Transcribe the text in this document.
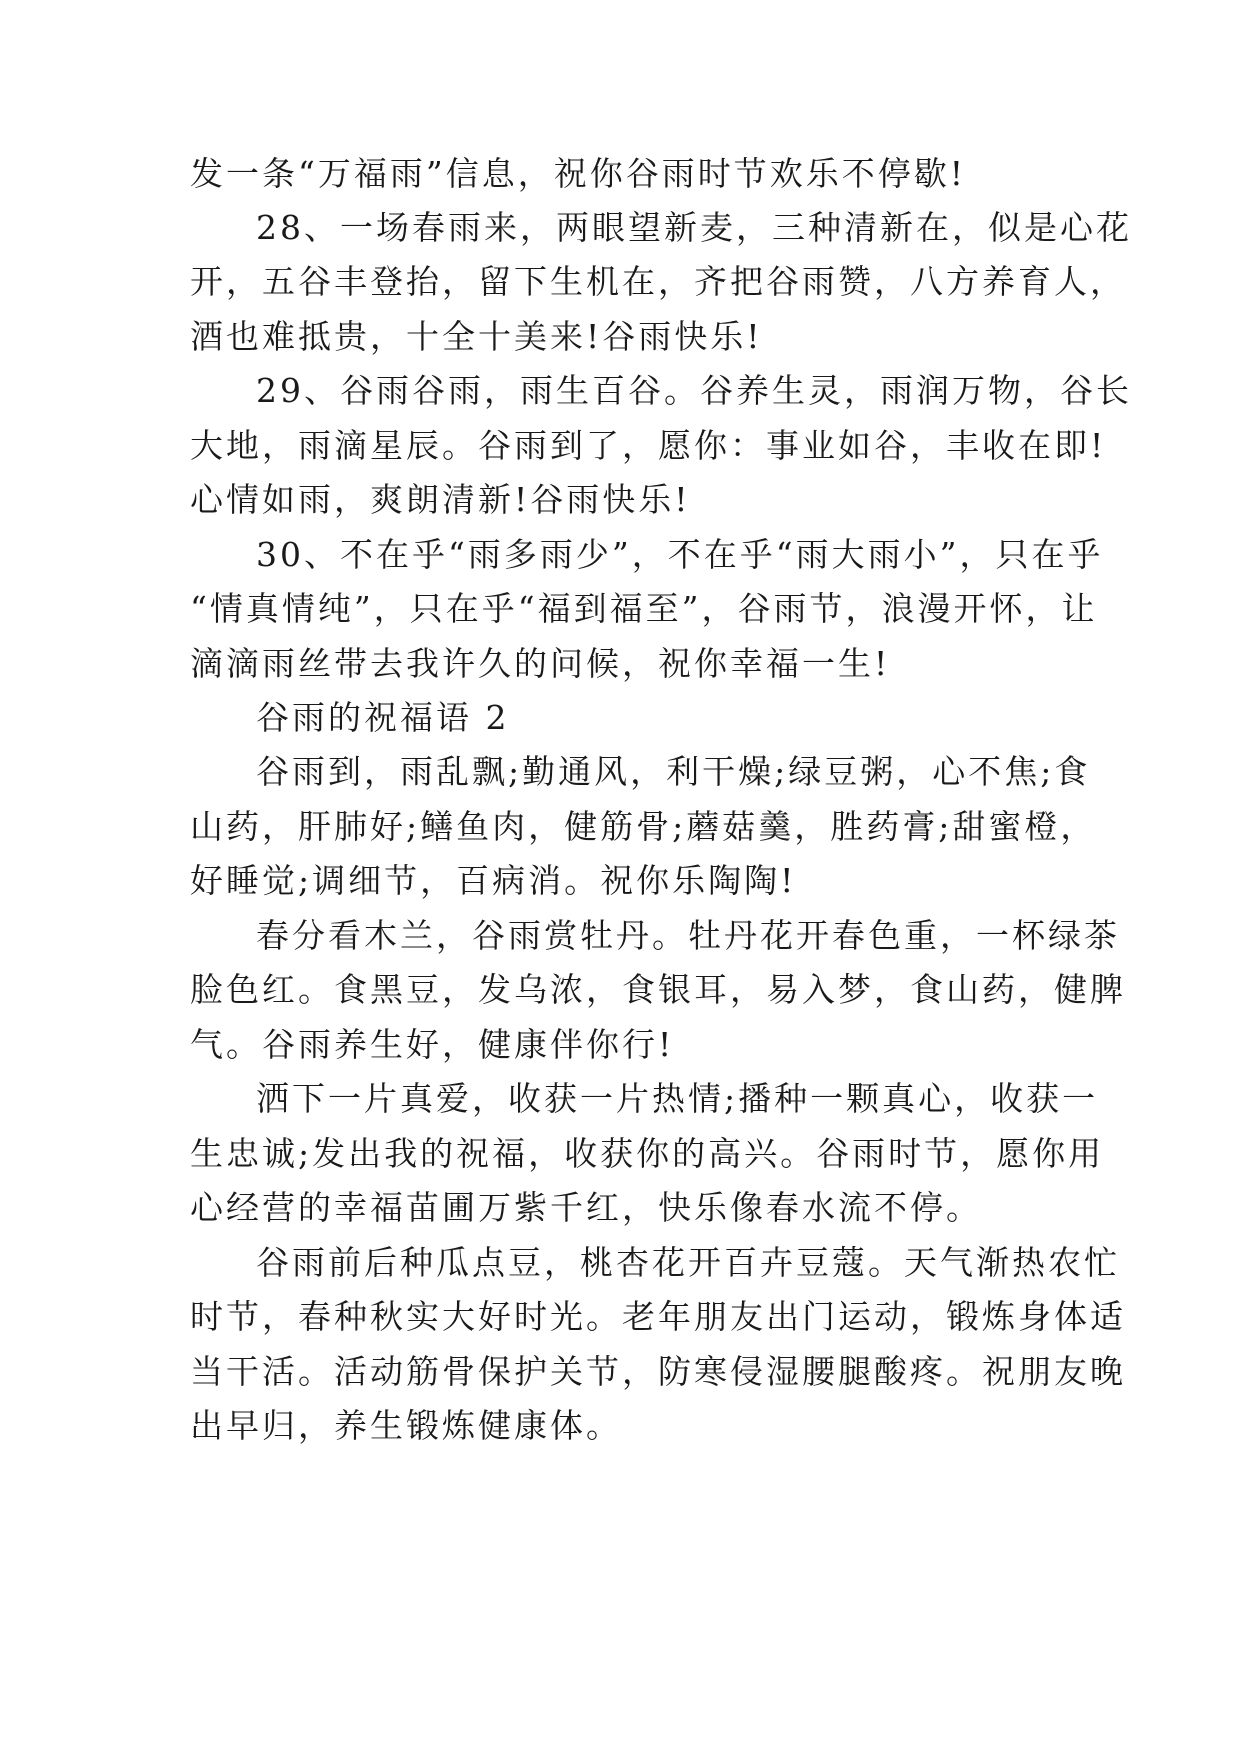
发一条“万福雨”信息，祝你谷雨时节欢乐不停歇!
28、一场春雨来，两眼望新麦，三种清新在，似是心花
开，五谷丰登抬，留下生机在，齐把谷雨赞，八方养育人，
酒也难抵贵，十全十美来!谷雨快乐!
29、谷雨谷雨，雨生百谷。谷养生灵，雨润万物，谷长
大地，雨滴星辰。谷雨到了，愿你：事业如谷，丰收在即!
心情如雨，爽朗清新!谷雨快乐!
30、不在乎“雨多雨少”，不在乎“雨大雨小”，只在乎
“情真情纯”，只在乎“福到福至”，谷雨节，浪漫开怀，让
滴滴雨丝带去我许久的问候，祝你幸福一生!
谷雨的祝福语 2
谷雨到，雨乱飘;勤通风，利干燥;绿豆粥，心不焦;食
山药，肝肺好;鳝鱼肉，健筋骨;蘑菇羹，胜药膏;甜蜜橙，
好睡觉;调细节，百病消。祝你乐陶陶!
春分看木兰，谷雨赏牡丹。牡丹花开春色重，一杯绿茶
脸色红。食黑豆，发乌浓，食银耳，易入梦，食山药，健脾
气。谷雨养生好，健康伴你行!
洒下一片真爱，收获一片热情;播种一颗真心，收获一
生忠诚;发出我的祝福，收获你的高兴。谷雨时节，愿你用
心经营的幸福苗圃万紫千红，快乐像春水流不停。
谷雨前后种瓜点豆，桃杏花开百卉豆蔻。天气渐热农忙
时节，春种秋实大好时光。老年朋友出门运动，锻炼身体适
当干活。活动筋骨保护关节，防寒侵湿腰腿酸疼。祝朋友晚
出早归，养生锻炼健康体。
